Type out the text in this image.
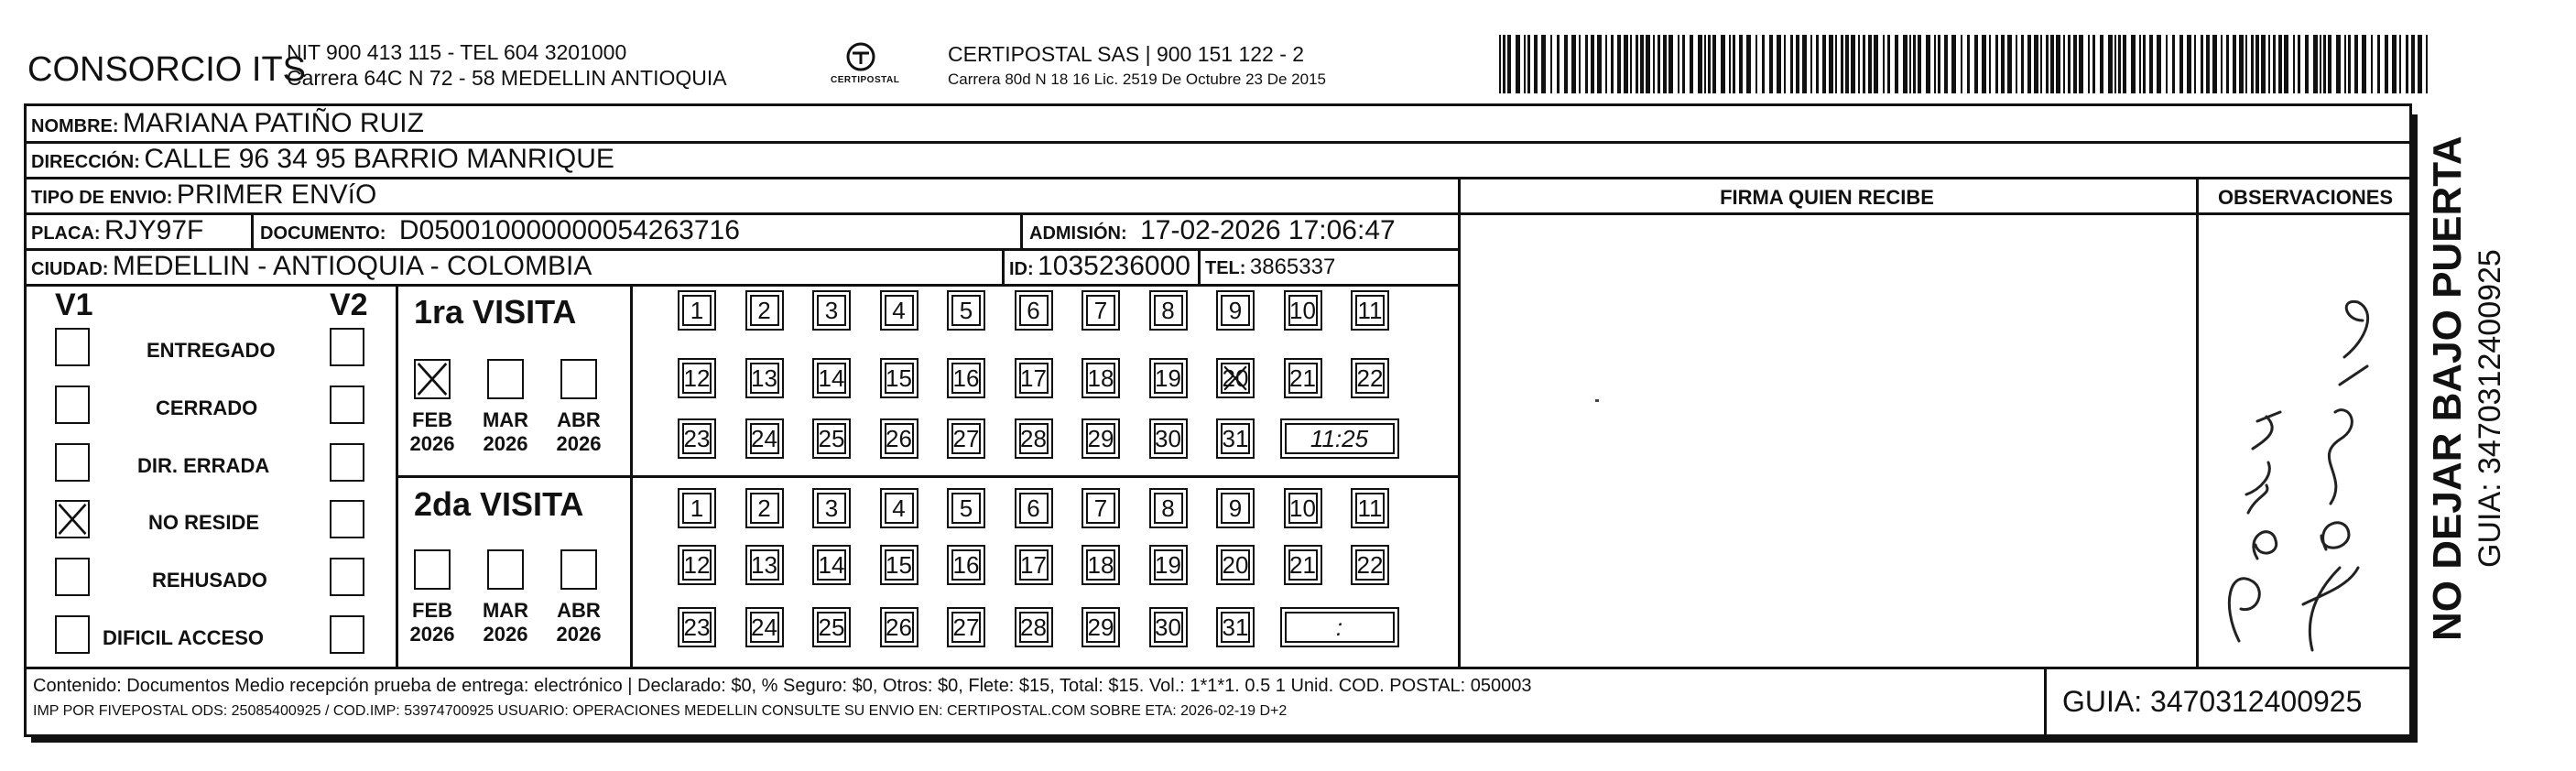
CONSORCIO ITS
NIT 900 413 115 - TEL 604 3201000
Carrera 64C N 72 - 58 MEDELLIN ANTIOQUIA	CERTIPOSTAL
CERTIPOSTAL SAS | 900 151 122 - 2
Carrera 80d N 18 16 Lic. 2519 De Octubre 23 De 2015
NOMBRE: MARIANA PATIÑO RUIZ
DIRECCIÓN: CALLE 96 34 95 BARRIO MANRIQUE
TIPO DE ENVIO: PRIMER ENVíO
PLACA: RJY97F	DOCUMENTO: D050010000000054263716	ADMISIÓN: 17-02-2026 17:06:47
CIUDAD: MEDELLIN - ANTIOQUIA - COLOMBIA	ID: 1035236000 TEL: 3865337
FIRMA QUIEN RECIBE	OBSERVACIONES
V1	V2
ENTREGADO
CERRADO
DIR. ERRADA
NO RESIDE
REHUSADO
DIFICIL ACCESO
1ra VISITA
FEB
2026
MAR
2026
ABR
2026
1	2	3	4	5	6	7	8	9	10 11
12 13 14 15 16 17 18 19 20 21 22
23 24 25 26 27 28 29 30 31	11:25
2da VISITA
FEB
2026
MAR
2026
ABR
2026
1	2	3	4	5	6	7	8	9	10 11
12 13 14 15 16 17 18 19 20 21 22
23 24 25 26 27 28 29 30 31	:	NO DEJAR BAJO PUERTA GUIA: 3470312400925
Contenido: Documentos Medio recepción prueba de entrega: electrónico | Declarado: $0, % Seguro: $0, Otros: $0, Flete: $15, Total: $15. Vol.: 1*1*1. 0.5 1 Unid. COD. POSTAL: 050003
IMP POR FIVEPOSTAL ODS: 25085400925 / COD.IMP: 53974700925 USUARIO: OPERACIONES MEDELLIN CONSULTE SU ENVIO EN: CERTIPOSTAL.COM SOBRE ETA: 2026-02-19 D+2	GUIA: 3470312400925
